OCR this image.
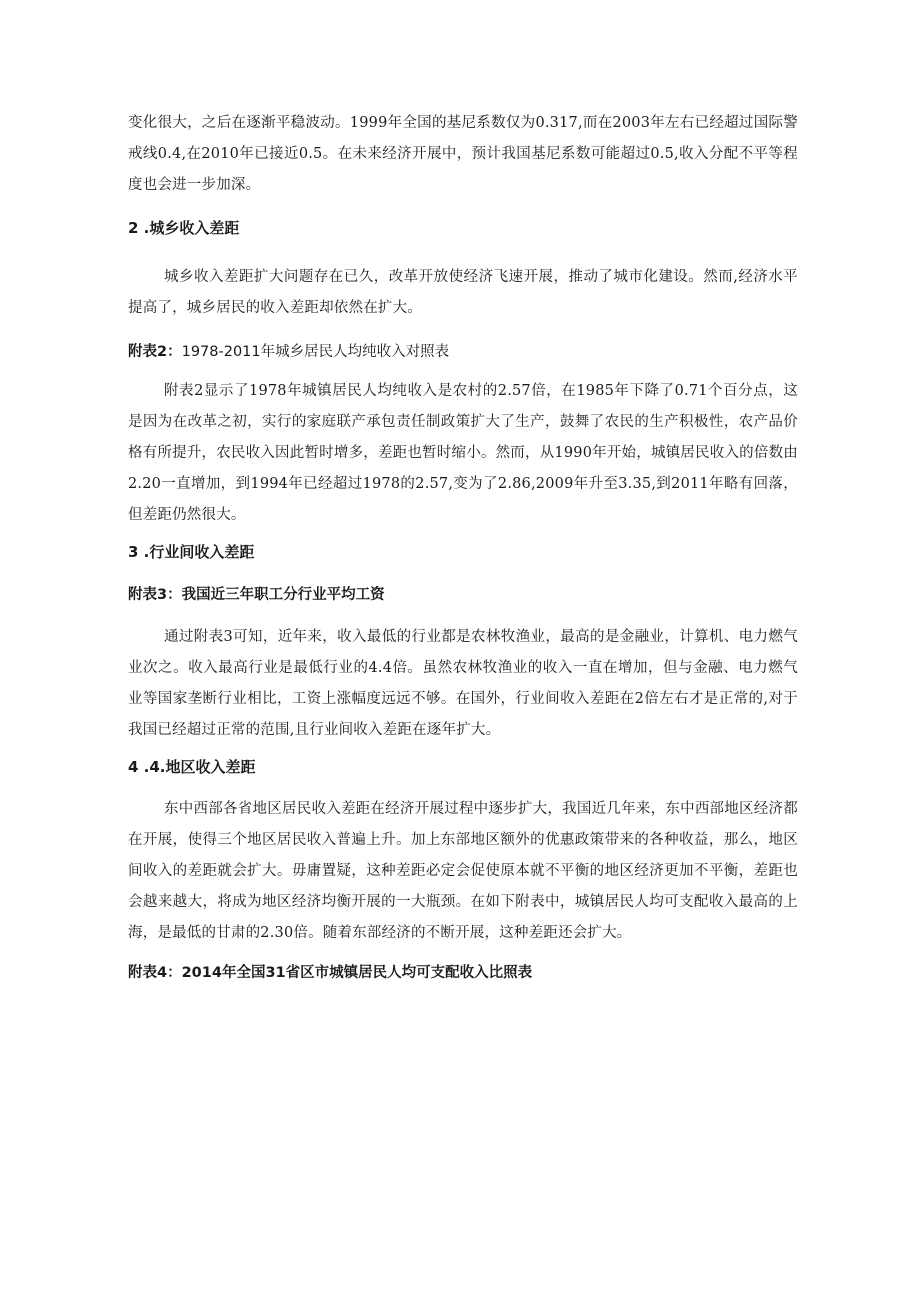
变化很大，之后在逐渐平稳波动。1999年全国的基尼系数仅为0.317,而在2003年左右已经超过国际警戒线0.4,在2010年已接近0.5。在未来经济开展中，预计我国基尼系数可能超过0.5,收入分配不平等程度也会进一步加深。

2 .城乡收入差距

城乡收入差距扩大问题存在已久，改革开放使经济飞速开展，推动了城市化建设。然而,经济水平提高了，城乡居民的收入差距却依然在扩大。

附表2：1978-2011年城乡居民人均纯收入对照表

附表2显示了1978年城镇居民人均纯收入是农村的2.57倍，在1985年下降了0.71个百分点，这是因为在改革之初，实行的家庭联产承包责任制政策扩大了生产，鼓舞了农民的生产积极性，农产品价格有所提升，农民收入因此暂时增多，差距也暂时缩小。然而，从1990年开始，城镇居民收入的倍数由2.20一直增加，到1994年已经超过1978的2.57,变为了2.86,2009年升至3.35,到2011年略有回落，但差距仍然很大。

3 .行业间收入差距
附表3：我国近三年职工分行业平均工资

通过附表3可知，近年来，收入最低的行业都是农林牧渔业，最高的是金融业，计算机、电力燃气业次之。收入最高行业是最低行业的4.4倍。虽然农林牧渔业的收入一直在增加，但与金融、电力燃气业等国家垄断行业相比，工资上涨幅度远远不够。在国外，行业间收入差距在2倍左右才是正常的,对于我国已经超过正常的范围,且行业间收入差距在逐年扩大。

4 .4.地区收入差距

东中西部各省地区居民收入差距在经济开展过程中逐步扩大，我国近几年来，东中西部地区经济都在开展，使得三个地区居民收入普遍上升。加上东部地区额外的优惠政策带来的各种收益，那么，地区间收入的差距就会扩大。毋庸置疑，这种差距必定会促使原本就不平衡的地区经济更加不平衡，差距也会越来越大，将成为地区经济均衡开展的一大瓶颈。在如下附表中，城镇居民人均可支配收入最高的上海，是最低的甘肃的2.30倍。随着东部经济的不断开展，这种差距还会扩大。

附表4：2014年全国31省区市城镇居民人均可支配收入比照表
